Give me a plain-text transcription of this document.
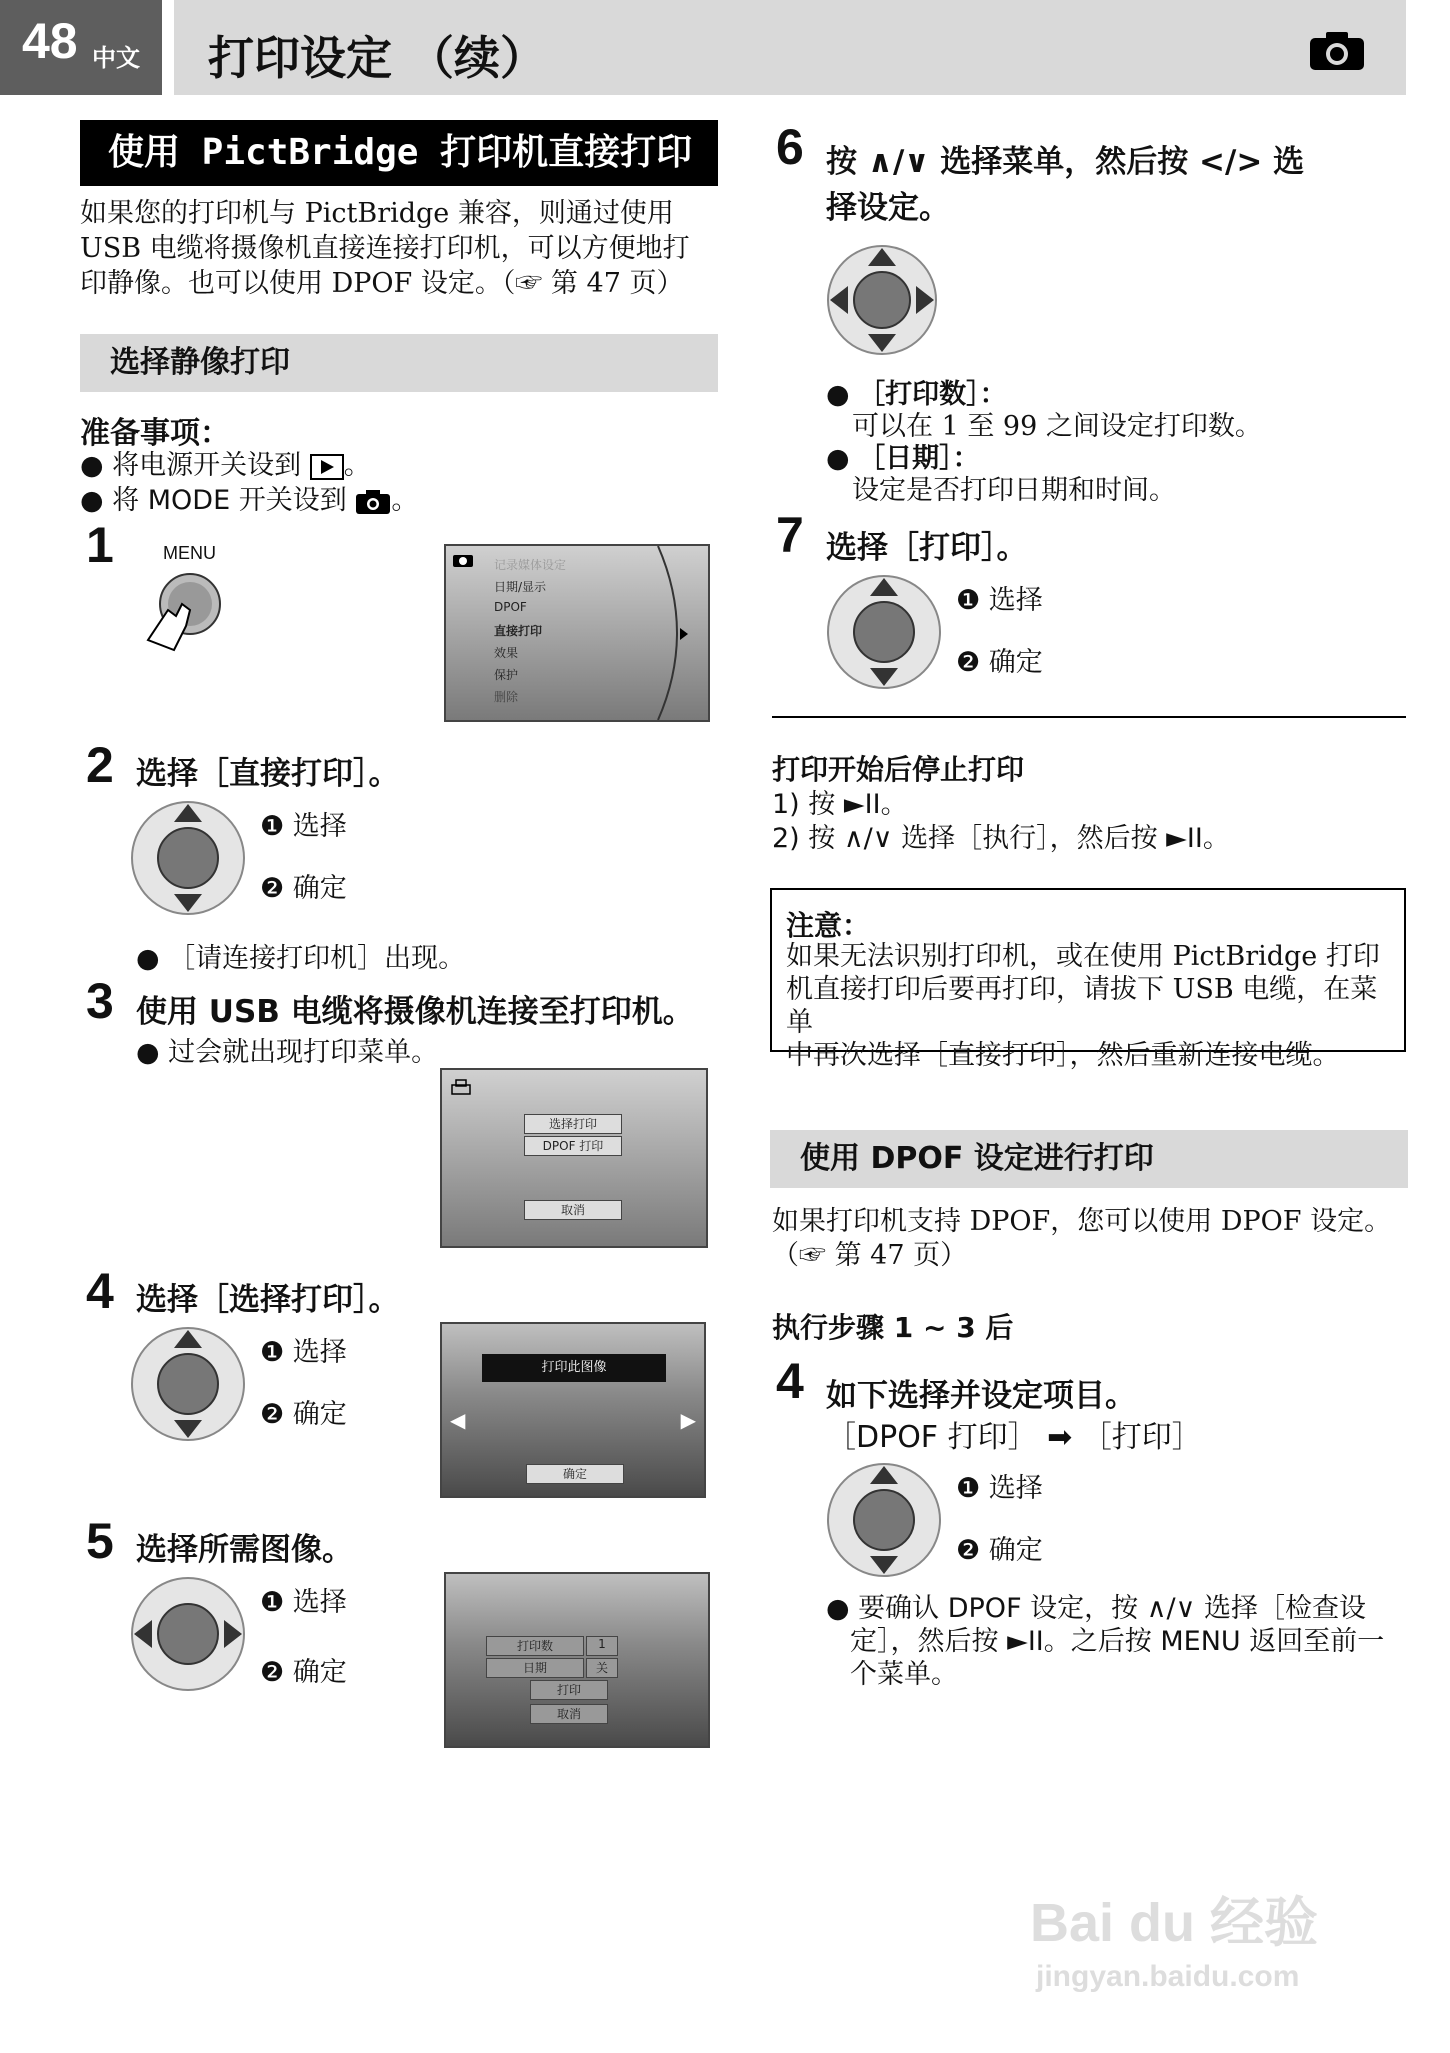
48 中文 打印设定 （续）
使用 PictBridge 打印机直接打印
如果您的打印机与 PictBridge 兼容，则通过使用
USB 电缆将摄像机直接连接打印机，可以方便地打
印静像。也可以使用 DPOF 设定。（☞ 第 47 页）
选择静像打印
准备事项：
● 将电源开关设到 。
● 将 MODE 开关设到 。
1	MENU
记录媒体设定
日期/显示
DPOF
直接打印
效果
保护
删除
2 选择［直接打印］。
❶ 选择
❷ 确定
● ［请连接打印机］出现。
3 使用 USB 电缆将摄像机连接至打印机。
● 过会就出现打印菜单。
选择打印
DPOF 打印
取消
4 选择［选择打印］。
❶ 选择
❷ 确定
打印此图像
◀	▶
确定
5 选择所需图像。
❶ 选择
❷ 确定
打印数	1
日期	关
打印
取消
6 按 ∧/∨ 选择菜单，然后按 </> 选
择设定。
● ［打印数］：
可以在 1 至 99 之间设定打印数。
● ［日期］：
设定是否打印日期和时间。
7 选择［打印］。
❶ 选择
❷ 确定
打印开始后停止打印
1) 按 ►II。
2) 按 ∧/∨ 选择［执行］，然后按 ►II。
注意：
如果无法识别打印机，或在使用 PictBridge 打印
机直接打印后要再打印，请拔下 USB 电缆，在菜单
中再次选择［直接打印］，然后重新连接电缆。
使用 DPOF 设定进行打印
如果打印机支持 DPOF，您可以使用 DPOF 设定。
（☞ 第 47 页）
执行步骤 1 ~ 3 后
4 如下选择并设定项目。
［DPOF 打印］ ➡ ［打印］
❶ 选择
❷ 确定
● 要确认 DPOF 设定，按 ∧/∨ 选择［检查设
定］，然后按 ►II。之后按 MENU 返回至前一
个菜单。
Bai du 经验
jingyan.baidu.com
